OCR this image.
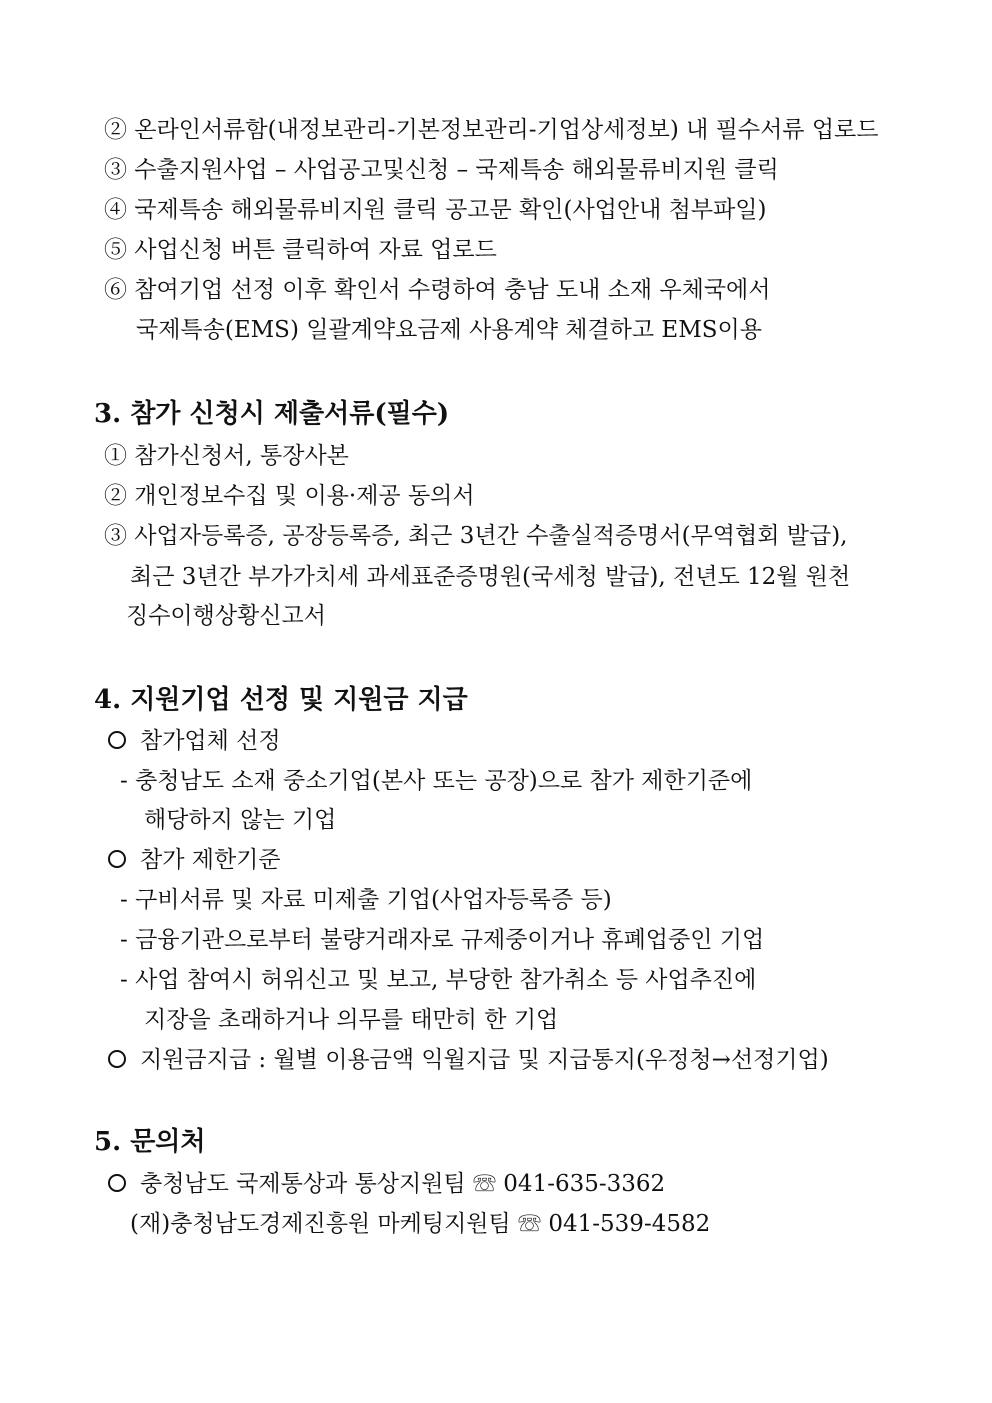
② 온라인서류함(내정보관리-기본정보관리-기업상세정보) 내 필수서류 업로드
③ 수출지원사업 – 사업공고및신청 – 국제특송 해외물류비지원 클릭
④ 국제특송 해외물류비지원 클릭 공고문 확인(사업안내 첨부파일)
⑤ 사업신청 버튼 클릭하여 자료 업로드
⑥ 참여기업 선정 이후 확인서 수령하여 충남 도내 소재 우체국에서
국제특송(EMS) 일괄계약요금제 사용계약 체결하고 EMS이용
3. 참가 신청시 제출서류(필수)
① 참가신청서, 통장사본
② 개인정보수집 및 이용·제공 동의서
③ 사업자등록증, 공장등록증, 최근 3년간 수출실적증명서(무역협회 발급),
최근 3년간 부가가치세 과세표준증명원(국세청 발급), 전년도 12월 원천
징수이행상황신고서
4. 지원기업 선정 및 지원금 지급
참가업체 선정
- 충청남도 소재 중소기업(본사 또는 공장)으로 참가 제한기준에
해당하지 않는 기업
참가 제한기준
- 구비서류 및 자료 미제출 기업(사업자등록증 등)
- 금융기관으로부터 불량거래자로 규제중이거나 휴폐업중인 기업
- 사업 참여시 허위신고 및 보고, 부당한 참가취소 등 사업추진에
지장을 초래하거나 의무를 태만히 한 기업
지원금지급 : 월별 이용금액 익월지급 및 지급통지(우정청→선정기업)
5. 문의처
충청남도 국제통상과 통상지원팀 ☏ 041-635-3362
(재)충청남도경제진흥원 마케팅지원팀 ☏ 041-539-4582
